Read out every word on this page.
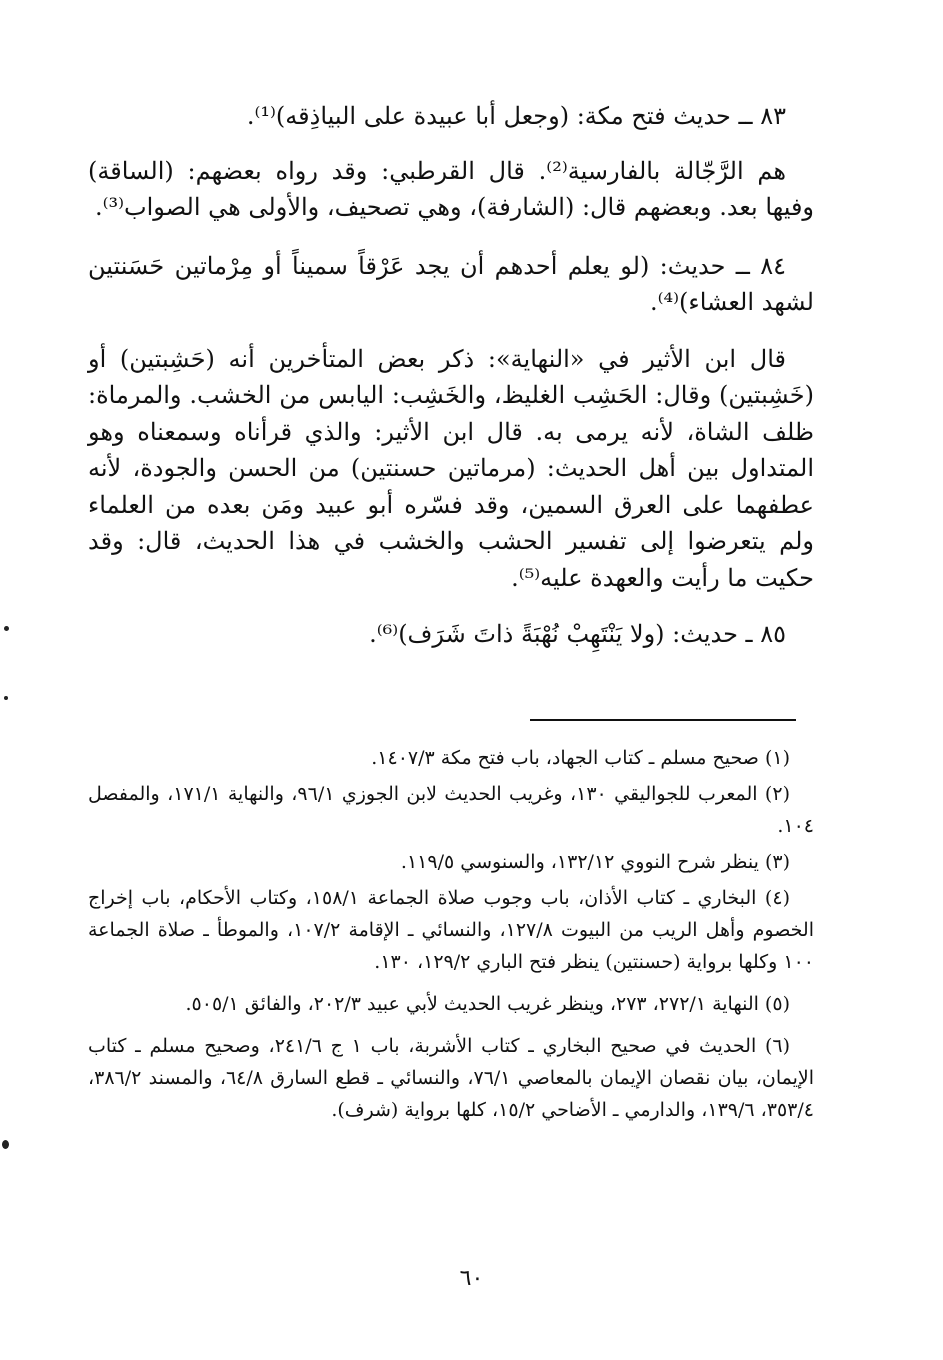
٨٣ ــ حديث فتح مكة: (وجعل أبا عبيدة على البياذِقه)⁽¹⁾.

هم الرَّجّالة بالفارسية⁽²⁾. قال القرطبي: وقد رواه بعضهم: (الساقة) وفيها بعد. وبعضهم قال: (الشارفة)، وهي تصحيف، والأولى هي الصواب⁽³⁾.

٨٤ ــ حديث: (لو يعلم أحدهم أن يجد عَرْقاً سميناً أو مِرْماتين حَسَنتين لشهد العشاء)⁽⁴⁾.

قال ابن الأثير في «النهاية»: ذكر بعض المتأخرين أنه (حَشِبتين) أو (خَشِبتين) وقال: الحَشِب الغليظ، والخَشِب: اليابس من الخشب. والمرماة: ظلف الشاة، لأنه يرمى به. قال ابن الأثير: والذي قرأناه وسمعناه وهو المتداول بين أهل الحديث: (مرماتين حسنتين) من الحسن والجودة، لأنه عطفهما على العرق السمين، وقد فسّره أبو عبيد ومَن بعده من العلماء ولم يتعرضوا إلى تفسير الحشب والخشب في هذا الحديث، قال: وقد حكيت ما رأيت والعهدة عليه⁽⁵⁾.

٨٥ ـ حديث: (ولا يَنْتَهِبْ نُهْبَةً ذاتَ شَرَف)⁽⁶⁾.

(١) صحيح مسلم ـ كتاب الجهاد، باب فتح مكة ١٤٠٧/٣.

(٢) المعرب للجواليقي ١٣٠، وغريب الحديث لابن الجوزي ٩٦/١، والنهاية ١٧١/١، والمفصل ١٠٤.

(٣) ينظر شرح النووي ١٣٢/١٢، والسنوسي ١١٩/٥.

(٤) البخاري ـ كتاب الأذان، باب وجوب صلاة الجماعة ١٥٨/١، وكتاب الأحكام، باب إخراج الخصوم وأهل الريب من البيوت ١٢٧/٨، والنسائي ـ الإقامة ١٠٧/٢، والموطأ ـ صلاة الجماعة ١٠٠ وكلها برواية (حسنتين) ينظر فتح الباري ١٢٩/٢، ١٣٠.

(٥) النهاية ٢٧٢/١، ٢٧٣، وينظر غريب الحديث لأبي عبيد ٢٠٢/٣، والفائق ٥٠٥/١.

(٦) الحديث في صحيح البخاري ـ كتاب الأشربة، باب ١ ج ٢٤١/٦، وصحيح مسلم ـ كتاب الإيمان، بيان نقصان الإيمان بالمعاصي ٧٦/١، والنسائي ـ قطع السارق ٦٤/٨، والمسند ٣٨٦/٢، ٣٥٣/٤، ١٣٩/٦، والدارمي ـ الأضاحي ١٥/٢، كلها برواية (شرف).

٦٠
